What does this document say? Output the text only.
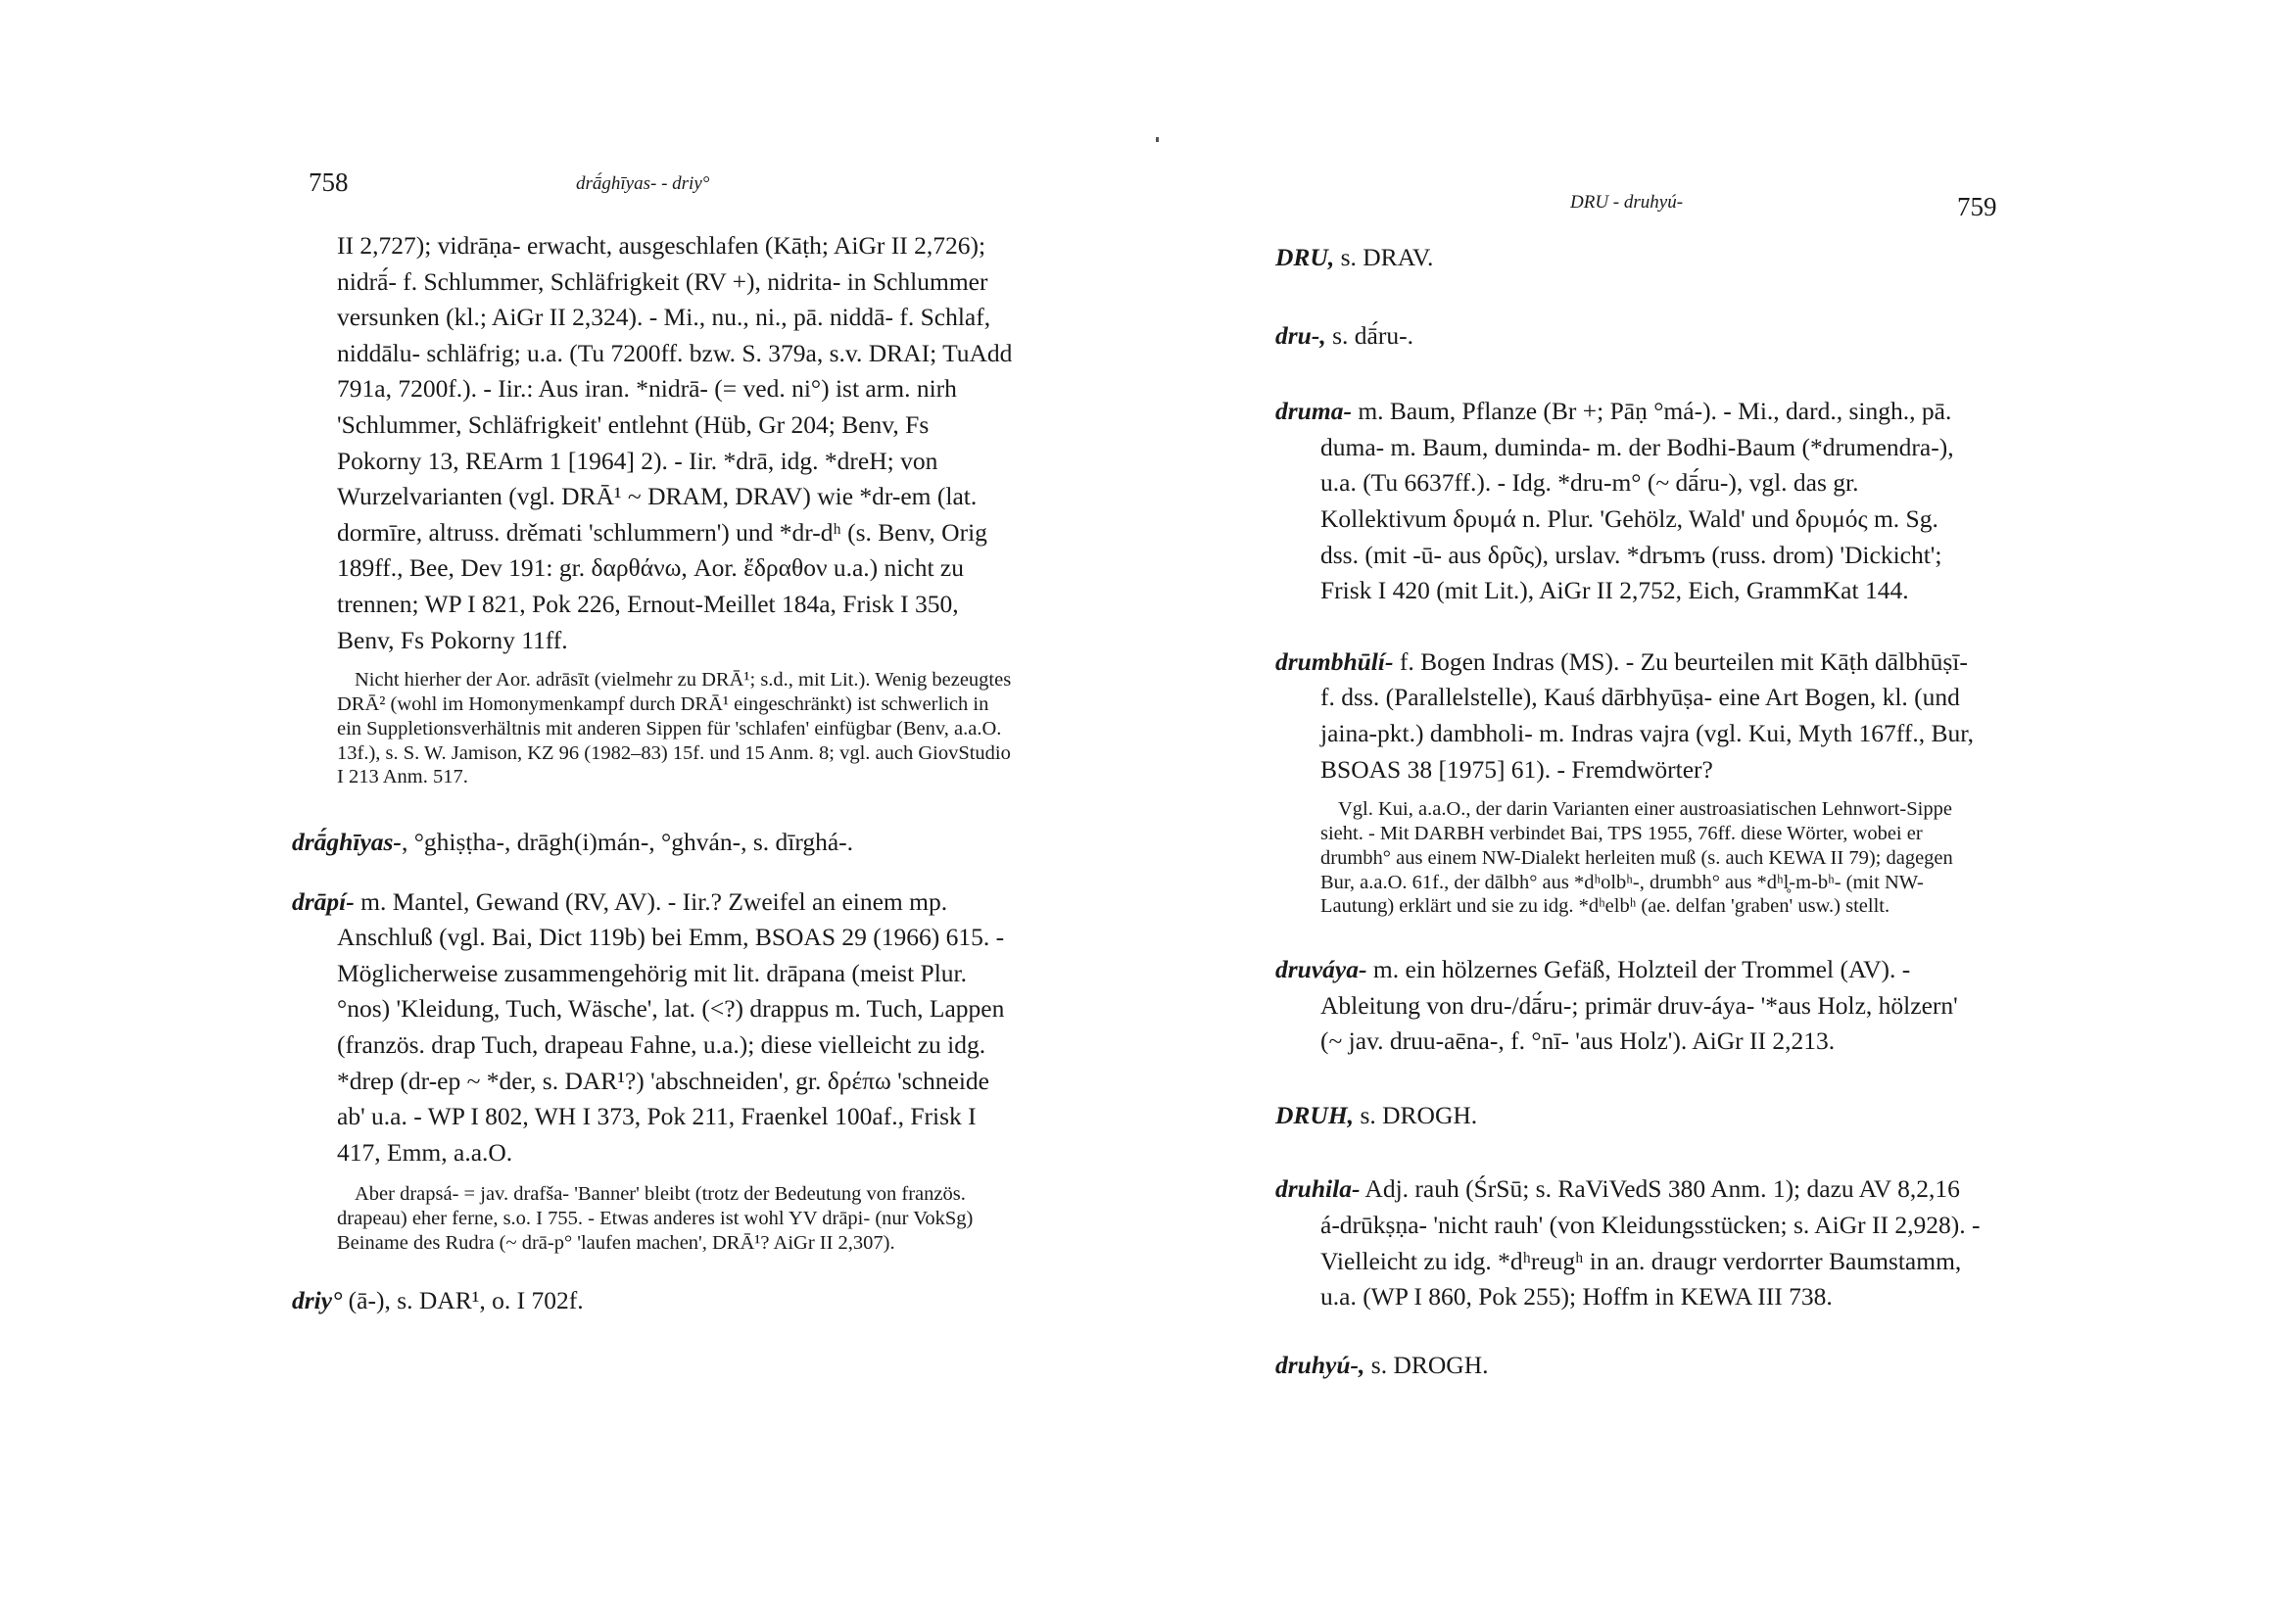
758	drā́ghīyas- - driy°

II 2,727); vidrāṇa- erwacht, ausgeschlafen (Kāṭh; AiGr II 2,726); nidrā́- f. Schlummer, Schläfrigkeit (RV +), nidrita- in Schlummer versunken (kl.; AiGr II 2,324). - Mi., nu., ni., pā. niddā- f. Schlaf, niddālu- schläfrig; u.a. (Tu 7200ff. bzw. S. 379a, s.v. DRAI; TuAdd 791a, 7200f.). - Iir.: Aus iran. *nidrā- (= ved. ni°) ist arm. nirh 'Schlummer, Schläfrigkeit' entlehnt (Hüb, Gr 204; Benv, Fs Pokorny 13, REArm 1 [1964] 2). - Iir. *drā, idg. *dreH; von Wurzelvarianten (vgl. DRĀ¹ ~ DRAM, DRAV) wie *dr-em (lat. dormīre, altruss. drěmati 'schlummern') und *dr-dʰ (s. Benv, Orig 189ff., Bee, Dev 191: gr. δαρθάνω, Aor. ἔδραθον u.a.) nicht zu trennen; WP I 821, Pok 226, Ernout-Meillet 184a, Frisk I 350, Benv, Fs Pokorny 11ff.

Nicht hierher der Aor. adrāsīt (vielmehr zu DRĀ¹; s.d., mit Lit.). Wenig bezeugtes DRĀ² (wohl im Homonymenkampf durch DRĀ¹ eingeschränkt) ist schwerlich in ein Suppletionsverhältnis mit anderen Sippen für 'schlafen' einfügbar (Benv, a.a.O. 13f.), s. S. W. Jamison, KZ 96 (1982–83) 15f. und 15 Anm. 8; vgl. auch GiovStudio I 213 Anm. 517.

drā́ghīyas-, °ghiṣṭha-, drāgh(i)mán-, °ghván-, s. dīrghá-.

drāpí- m. Mantel, Gewand (RV, AV). - Iir.? Zweifel an einem mp. Anschluß (vgl. Bai, Dict 119b) bei Emm, BSOAS 29 (1966) 615. - Möglicherweise zusammengehörig mit lit. drāpana (meist Plur. °nos) 'Kleidung, Tuch, Wäsche', lat. (<?) drappus m. Tuch, Lappen (französ. drap Tuch, drapeau Fahne, u.a.); diese vielleicht zu idg. *drep (dr-ep ~ *der, s. DAR¹?) 'abschneiden', gr. δρέπω 'schneide ab' u.a. - WP I 802, WH I 373, Pok 211, Fraenkel 100af., Frisk I 417, Emm, a.a.O.

Aber drapsá- = jav. drafša- 'Banner' bleibt (trotz der Bedeutung von französ. drapeau) eher ferne, s.o. I 755. - Etwas anderes ist wohl YV drāpi- (nur VokSg) Beiname des Rudra (~ drā-p° 'laufen machen', DRĀ¹? AiGr II 2,307).

driy° (ā-), s. DAR¹, o. I 702f.

DRU - druhyú-	759

DRU, s. DRAV.

dru-, s. dā́ru-.

druma- m. Baum, Pflanze (Br +; Pāṇ °má-). - Mi., dard., singh., pā. duma- m. Baum, duminda- m. der Bodhi-Baum (*drumendra-), u.a. (Tu 6637ff.). - Idg. *dru-m° (~ dā́ru-), vgl. das gr. Kollektivum δρυμά n. Plur. 'Gehölz, Wald' und δρυμός m. Sg. dss. (mit -ū- aus δρῦς), urslav. *drъmъ (russ. drom) 'Dickicht'; Frisk I 420 (mit Lit.), AiGr II 2,752, Eich, GrammKat 144.

drumbhūlí- f. Bogen Indras (MS). - Zu beurteilen mit Kāṭh dālbhūṣī- f. dss. (Parallelstelle), Kauś dārbhyūṣa- eine Art Bogen, kl. (und jaina-pkt.) dambholi- m. Indras vajra (vgl. Kui, Myth 167ff., Bur, BSOAS 38 [1975] 61). - Fremdwörter?

Vgl. Kui, a.a.O., der darin Varianten einer austroasiatischen Lehnwort-Sippe sieht. - Mit DARBH verbindet Bai, TPS 1955, 76ff. diese Wörter, wobei er drumbh° aus einem NW-Dialekt herleiten muß (s. auch KEWA II 79); dagegen Bur, a.a.O. 61f., der dālbh° aus *dʰolbʰ-, drumbh° aus *dʰl̥-m-bʰ- (mit NW-Lautung) erklärt und sie zu idg. *dʰelbʰ (ae. delfan 'graben' usw.) stellt.

druváya- m. ein hölzernes Gefäß, Holzteil der Trommel (AV). - Ableitung von dru-/dā́ru-; primär druv-áya- '*aus Holz, hölzern' (~ jav. druu-aēna-, f. °nī- 'aus Holz'). AiGr II 2,213.

DRUH, s. DROGH.

druhila- Adj. rauh (ŚrSū; s. RaViVedS 380 Anm. 1); dazu AV 8,2,16 á-drūkṣṇa- 'nicht rauh' (von Kleidungsstücken; s. AiGr II 2,928). - Vielleicht zu idg. *dʰreugʰ in an. draugr verdorrter Baumstamm, u.a. (WP I 860, Pok 255); Hoffm in KEWA III 738.

druhyú-, s. DROGH.
